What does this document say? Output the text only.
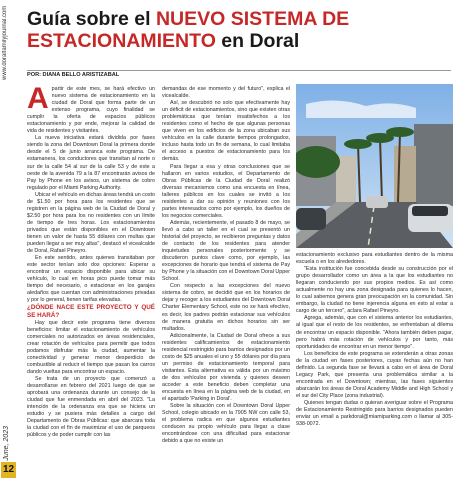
www.doralfamilyjournal.com
June, 2023
12
Guía sobre el NUEVO SISTEMA DE
ESTACIONAMIENTO en Doral
POR: DIANA BELLO ARISTIZABAL

Apartir de este mes, se hará efectivo un nuevo sistema de estacionamiento en la ciudad de Doral que forma parte de un extenso programa, cuyo finalidad se cumplir la oferta de espacios públicos estacionamiento y por ende, mejorar la calidad de vida de residentes y visitantes.

La nueva iniciativa estará dividida por fases siendo la zona del Downtown Doral la primera donde desde el 5 de junio arranca este programa. De estamanera, los conductores que transitan al norte o sur de la calle 54 al sur de la calle 53 y de este a oeste de la avenida 79 a la 87 encontrarán avisos de Pay by Phone en los avisos, un sistema de cobro regulado por el Miami Parking Authority.

Ubicar el vehículo en dichas áreas tendrá un costo de $1.50 por hora para los residentes que se registren en la página web de la Ciudad de Doral y $2.50 por hora para los no residentes con un límite de tiempo de tres horas. Los estacionamientos privados que están disponibles en el Downtown tienen un valor de hasta 55 dólares con multas que pueden llegar a ser muy altas", destacó el vicealcalde de Doral, Rafael Pineyro.

En este sentido, antes quienes transitaban por este sector tenían solo dos opciones: Esperar a encontrar un espacio disponible para ubicar su vehículo, lo cual en horas pico puede tomar más tiempo del necesario, o estacionar en los garajes aledaños que cuentan con administraciones privadas y por lo general, tienen tarifas elevadas.

¿DÓNDE NACE ESTE PROYECTO Y QUÉ SE HARÁ?

Hay que decir este programa tiene diversos beneficios: limitar el estacionamiento de vehículos comerciales no autorizados en áreas residenciales, crear rotación de vehículos para permitir que todos podamos disfrutar más la ciudad, aumentar la conectividad y generar menor desperdicio de combustible al reducir el tiempo que pasan los carros dando vueltas para encontrar un espacio.

Se trata de un proyecto que comenzó a desarrollarse en febrero del 2021 luego de que se aprobará una ordenanza durante un consejo de la ciudad que fue enmendada en abril del 2023. "La intención de la ordenanza era que se hiciera un estudio y se pusiera más detalles a cargo del Departamento de Obras Públicas: que abarcara toda la ciudad con el fin de maximizar el uso de parqueos públicos y de poder cumplir con las

demandas de ese momento y del futuro", explica el vicealcalde.

Así, se descubrió no solo que efectivamente hay un déficit de estacionamientos, sino que existen otras problemáticas que tenían insatisfechos a los residentes como el hecho de que algunas personas que viven en los edificios de la zona ubicaban sus vehículos en la calle durante tiempos prolongados, incluso hasta todo un fin de semana, lo cual limitaba el acceso a puestos de estacionamiento para los demás.

Para llegar a esa y otras conclusiones que se hallaron en varios estudios, el Departamento de Obras Públicas de la Ciudad de Doral realizó diversas mecanismos como una encuesta en línea, talleres públicos en los cuales se invitó a los residentes a dar su opinión y reuniones con los partes interesados como por ejemplo, los dueños de los negocios comerciales.

Además, recientemente, el pasado 8 de mayo, se llevó a cabo un taller en el cual se presentó un historial del proyecto, se recibieron preguntas y datos de contacto de los residentes para atender inquietudes personales posteriormente y se discutieron puntos clave como, por ejemplo, las excepciones de horario que tendrá el sistema de Pay by Phone y la situación con el Downtown Doral Upper School.

Con respecto a las excepciones del nuevo sistema de cobro, se decidió que en los horarios de dejar y recoger a los estudiantes del Downtown Doral Charter Elementary School, este no se hará efectivo, es decir, los padres podrán estacionar sus vehículos de manera gratuita en dichos horarios sin ser multados.

Adicionalmente, la Ciudad de Doral ofrece a sus residentes calificamientos de estacionamiento residencial restringido para barrios designados por un costo de $25 anuales el uno y 55 dólares por día para un permiso de estacionamiento temporal para visitantes. Esta alternativa es válida por un máximo de dos vehículos por vivienda y quienes deseen acceder a este beneficio deben completar una encuesta en línea en la página web de la ciudad, en el apartado 'Parking in Doral'.

Sobre la situación con el Downtown Doral Upper School, colegio ubicado en la 7905 NW con calle 53, el problema radica en que algunos estudiantes conducen su propio vehículo para llegar a clase encontrándose con una dificultad para estacionar debido a que no existe un

estacionamiento exclusivo para estudiantes dentro de la misma escuela o en los alrededores.

"Esta institución fue concebida desde su construcción por el grupo desarrollador como un área a la que los estudiantes no llegaran conduciendo por sus propios medios. Es así como actualmente no hay una zona designada para quienes lo hacen, lo cual sabemos genera gran preocupación en la comunidad. Sin embargo, la ciudad no tiene injerencia alguna en esto al estar a cargo de un tercero", aclara Rafael Pineyro.

Agrega, además, que con el sistema anterior los estudiantes, al igual que el resto de los residentes, se enfrentaban al dilema de encontrar un espacio disponible. "Ahora también deben pagar, pero habrá más rotación de vehículos y por tanto, más oportunidades de encontrar en un menor tiempo".

Los beneficios de este programa se extenderán a otras zonas de la ciudad en fases posteriores, cuyas fechas aún no han definido. La segunda fase se llevará a cabo en el área de Doral Legacy Park, que presenta una problemática similar a la encontrada en el Downtown; mientras, las fases siguientes abarcarán los áreas de Doral Academy Middle and High School y el sur del City Place (zona industrial).

Quienes tengan dudas o quieran averiguar sobre el Programa de Estacionamiento Restringido para barrios designados pueden enviar un email a parkdoral@miamiparking.com o llamar al 305-938-0072.
